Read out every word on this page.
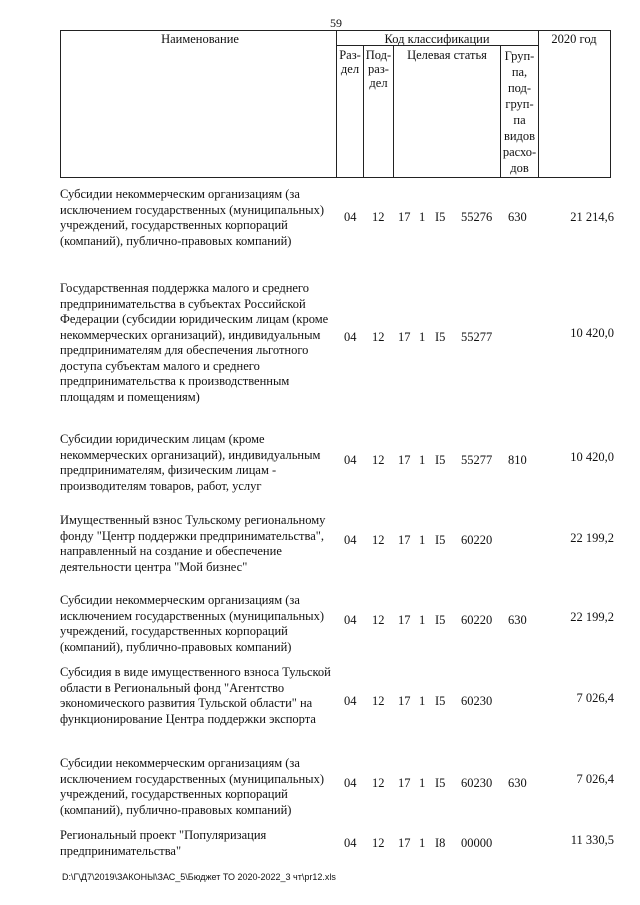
59
Наименование	Код классификации	2020 год
Раз-дел
Под-раз-дел
Целевая статья	Груп-па, под-груп-па видов расхо-дов
Субсидии некоммерческим организациям (за исключением государственных (муниципальных) учреждений, государственных корпораций (компаний), публично-правовых компаний)
04 12 17 1 I5 55276 630	21 214,6
Государственная поддержка малого и среднего предпринимательства в субъектах Российской Федерации (субсидии юридическим лицам (кроме некоммерческих организаций), индивидуальным предпринимателям для обеспечения льготного доступа субъектам малого и среднего предпринимательства к производственным площадям и помещениям)
04 12 17 1 I5 55277	10 420,0
Субсидии юридическим лицам (кроме некоммерческих организаций), индивидуальным предпринимателям, физическим лицам - производителям товаров, работ, услуг
04 12 17 1 I5 55277 810	10 420,0
Имущественный взнос Тульскому региональному фонду "Центр поддержки предпринимательства", направленный на создание и обеспечение деятельности центра "Мой бизнес"
04 12 17 1 I5 60220	22 199,2
Субсидии некоммерческим организациям (за исключением государственных (муниципальных) учреждений, государственных корпораций (компаний), публично-правовых компаний)
04 12 17 1 I5 60220 630	22 199,2
Субсидия в виде имущественного взноса Тульской области в Региональный фонд "Агентство экономического развития Тульской области" на функционирование Центра поддержки экспорта
04 12 17 1 I5 60230	7 026,4
Субсидии некоммерческим организациям (за исключением государственных (муниципальных) учреждений, государственных корпораций (компаний), публично-правовых компаний)
04 12 17 1 I5 60230 630	7 026,4
Региональный проект "Популяризация предпринимательства"
04 12 17 1 I8 00000	11 330,5
D:\Г\Д7\2019\ЗАКОНЫ\ЗАС_5\Бюджет ТО 2020-2022_3 чт\pr12.xls
